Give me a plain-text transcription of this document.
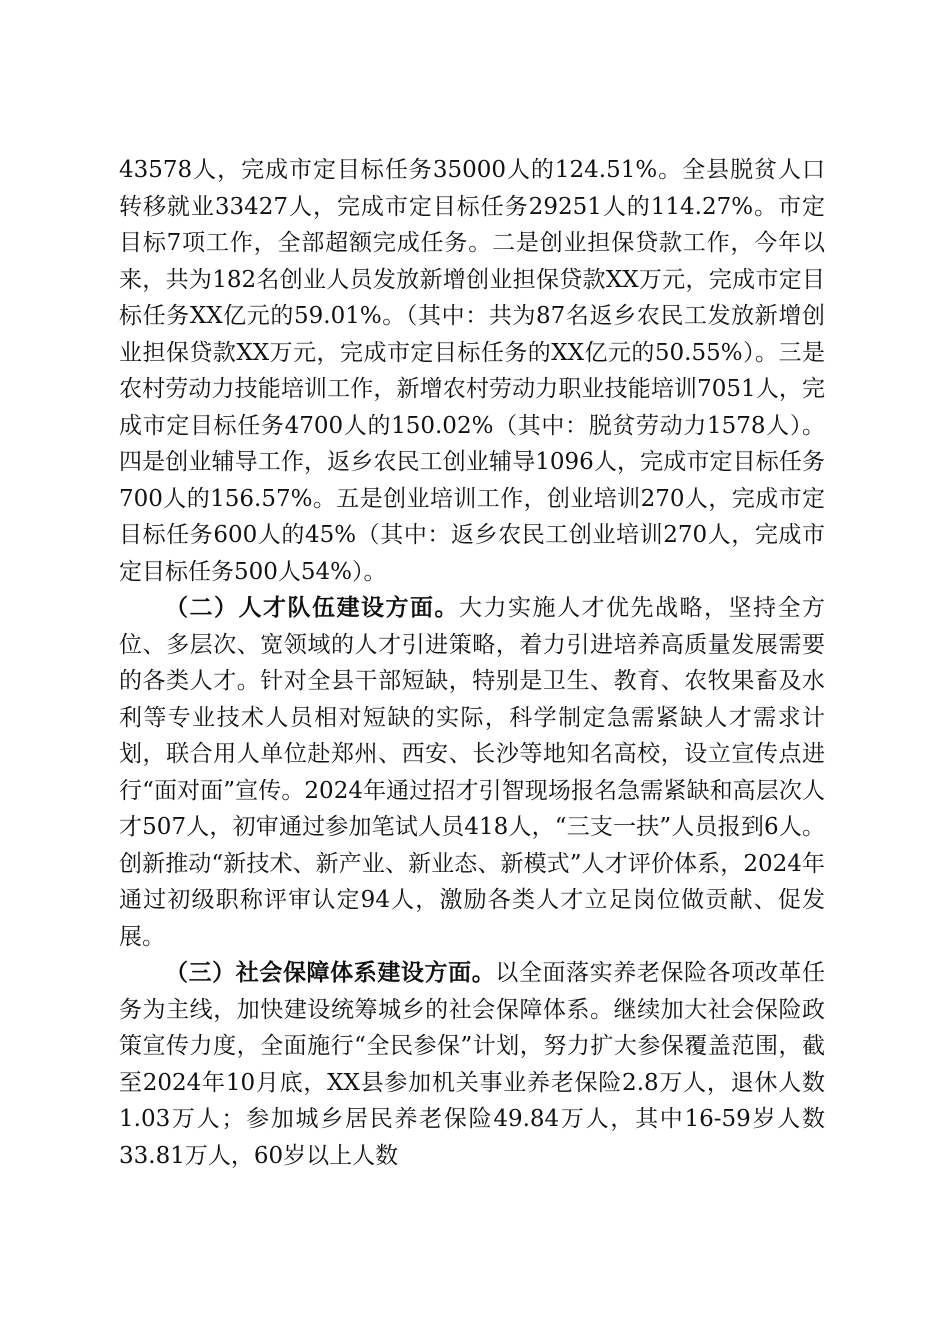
43578人，完成市定目标任务35000人的124.51%。全县脱贫人口转移就业33427人，完成市定目标任务29251人的114.27%。市定目标7项工作，全部超额完成任务。二是创业担保贷款工作，今年以来，共为182名创业人员发放新增创业担保贷款XX万元，完成市定目标任务XX亿元的59.01%。（其中：共为87名返乡农民工发放新增创业担保贷款XX万元，完成市定目标任务的XX亿元的50.55%）。三是农村劳动力技能培训工作，新增农村劳动力职业技能培训7051人，完成市定目标任务4700人的150.02%（其中：脱贫劳动力1578人）。四是创业辅导工作，返乡农民工创业辅导1096人，完成市定目标任务700人的156.57%。五是创业培训工作，创业培训270人，完成市定目标任务600人的45%（其中：返乡农民工创业培训270人，完成市定目标任务500人54%）。

（二）人才队伍建设方面。大力实施人才优先战略，坚持全方位、多层次、宽领域的人才引进策略，着力引进培养高质量发展需要的各类人才。针对全县干部短缺，特别是卫生、教育、农牧果畜及水利等专业技术人员相对短缺的实际，科学制定急需紧缺人才需求计划，联合用人单位赴郑州、西安、长沙等地知名高校，设立宣传点进行“面对面”宣传。2024年通过招才引智现场报名急需紧缺和高层次人才507人，初审通过参加笔试人员418人，“三支一扶”人员报到6人。创新推动“新技术、新产业、新业态、新模式”人才评价体系，2024年通过初级职称评审认定94人，激励各类人才立足岗位做贡献、促发展。

（三）社会保障体系建设方面。以全面落实养老保险各项改革任务为主线，加快建设统筹城乡的社会保障体系。继续加大社会保险政策宣传力度，全面施行“全民参保”计划，努力扩大参保覆盖范围，截至2024年10月底，XX县参加机关事业养老保险2.8万人，退休人数1.03万人；参加城乡居民养老保险49.84万人，其中16-59岁人数33.81万人，60岁以上人数
